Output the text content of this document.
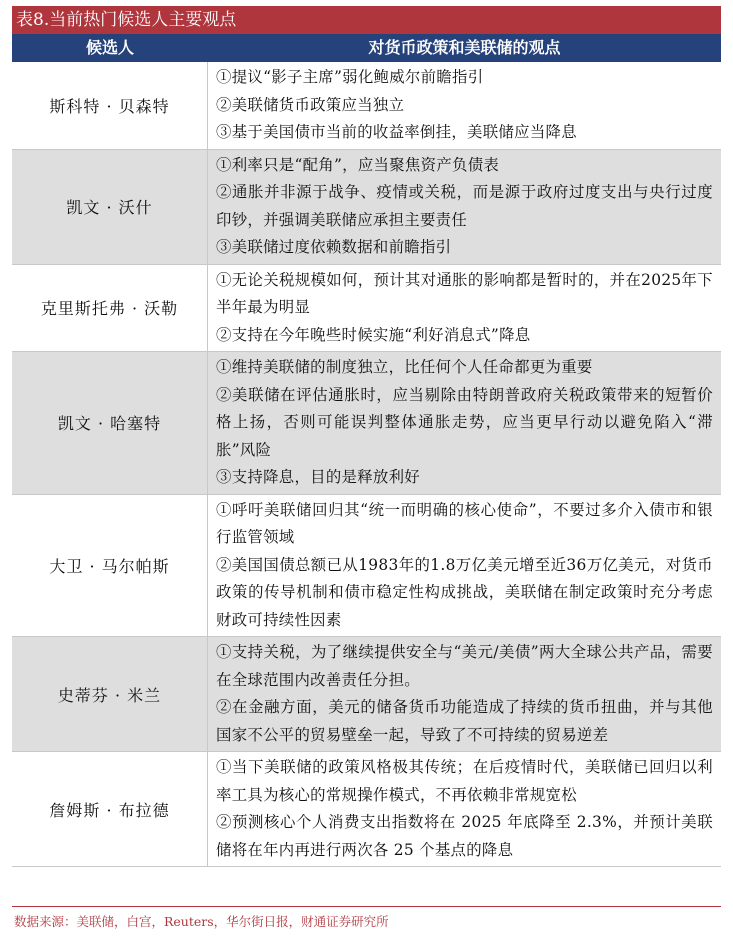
表8.当前热门候选人主要观点
候选人	对货币政策和美联储的观点
斯科特 · 贝森特

①提议“影子主席”弱化鲍威尔前瞻指引

②美联储货币政策应当独立

③基于美国债市当前的收益率倒挂，美联储应当降息

凯文 · 沃什

①利率只是“配角”，应当聚焦资产负债表

②通胀并非源于战争、疫情或关税，而是源于政府过度支出与央行过度印钞，并强调美联储应承担主要责任

③美联储过度依赖数据和前瞻指引

克里斯托弗 · 沃勒

①无论关税规模如何，预计其对通胀的影响都是暂时的，并在2025年下半年最为明显

②支持在今年晚些时候实施“利好消息式”降息

凯文 · 哈塞特

①维持美联储的制度独立，比任何个人任命都更为重要

②美联储在评估通胀时，应当剔除由特朗普政府关税政策带来的短暂价格上扬，否则可能误判整体通胀走势，应当更早行动以避免陷入“滞胀”风险

③支持降息，目的是释放利好

大卫 · 马尔帕斯

①呼吁美联储回归其“统一而明确的核心使命”，不要过多介入债市和银行监管领域

②美国国债总额已从1983年的1.8万亿美元增至近36万亿美元，对货币政策的传导机制和债市稳定性构成挑战，美联储在制定政策时充分考虑财政可持续性因素

史蒂芬 · 米兰

①支持关税，为了继续提供安全与“美元/美债”两大全球公共产品，需要在全球范围内改善责任分担。

②在金融方面，美元的储备货币功能造成了持续的货币扭曲，并与其他国家不公平的贸易壁垒一起，导致了不可持续的贸易逆差

詹姆斯 · 布拉德

①当下美联储的政策风格极其传统；在后疫情时代，美联储已回归以利率工具为核心的常规操作模式，不再依赖非常规宽松

②预测核心个人消费支出指数将在 2025 年底降至 2.3%，并预计美联储将在年内再进行两次各 25 个基点的降息

数据来源：美联储，白宫，Reuters，华尔街日报，财通证券研究所
